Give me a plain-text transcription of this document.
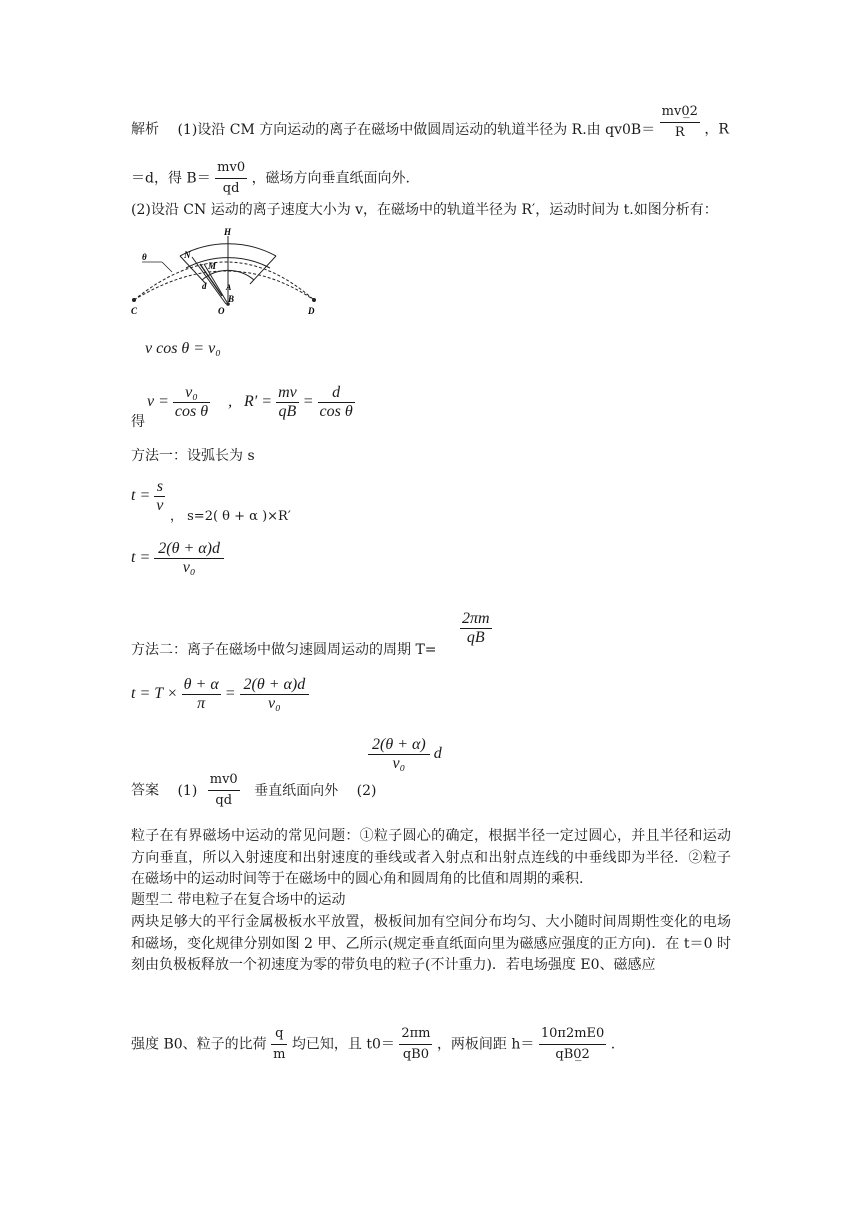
解析 (1)设沿 CM 方向运动的离子在磁场中做圆周运动的轨道半径为 R.由 $qv0B= \frac{mv0̲2}{R}$ ，R
＝d，得 $B= \frac{mv0}{qd}$ ，磁场方向垂直纸面向外.
(2)设沿 CN 运动的离子速度大小为 v，在磁场中的轨道半径为 R′，运动时间为 t.如图分析有：
H
N
M
θ
d A
B
O
C	D
v cos θ = v₀
得
$v = \frac{\text{v₀}}{\text{cos θ}}$ , $R' = \frac{mv}{qB} = \frac{d}{\text{cos θ}}$
方法一：设弧长为 s
$t = \frac{s}{v}$
， s=2( θ + α )×R′
$t = \frac{2(\theta + \alpha)d}{\text{v₀}}$
方法二：离子在磁场中做匀速圆周运动的周期 T=
$\frac{2\pi m}{qB}$
$t = T \times \frac{\theta + \alpha}{\pi} = \frac{2(\theta + \alpha)d}{\text{v₀}}$
答案 $(1) \frac{mv0}{qd}$ 垂直纸面向外 (2)
$\frac{2(\theta + \alpha)}{\text{v₀}}$ d
粒子在有界磁场中运动的常见问题：①粒子圆心的确定，根据半径一定过圆心，并且半径和运动方向垂直，所以入射速度和出射速度的垂线或者入射点和出射点连线的中垂线即为半径．②粒子在磁场中的运动时间等于在磁场中的圆心角和圆周角的比值和周期的乘积.
题型二 带电粒子在复合场中的运动
两块足够大的平行金属极板水平放置，极板间加有空间分布均匀、大小随时间周期性变化的电场和磁场，变化规律分别如图 2 甲、乙所示(规定垂直纸面向里为磁感应强度的正方向)．在 t＝0 时刻由负极板释放一个初速度为零的带负电的粒子(不计重力)．若电场强度 E0、磁感应
强度 B0、粒子的比荷 $\frac{q}{m}$ 均已知，且 $t0= \frac{2\pi m}{qB0}$ ，两板间距 $h= \frac{10\pi 2mE0}{qB0̲2}$ .
